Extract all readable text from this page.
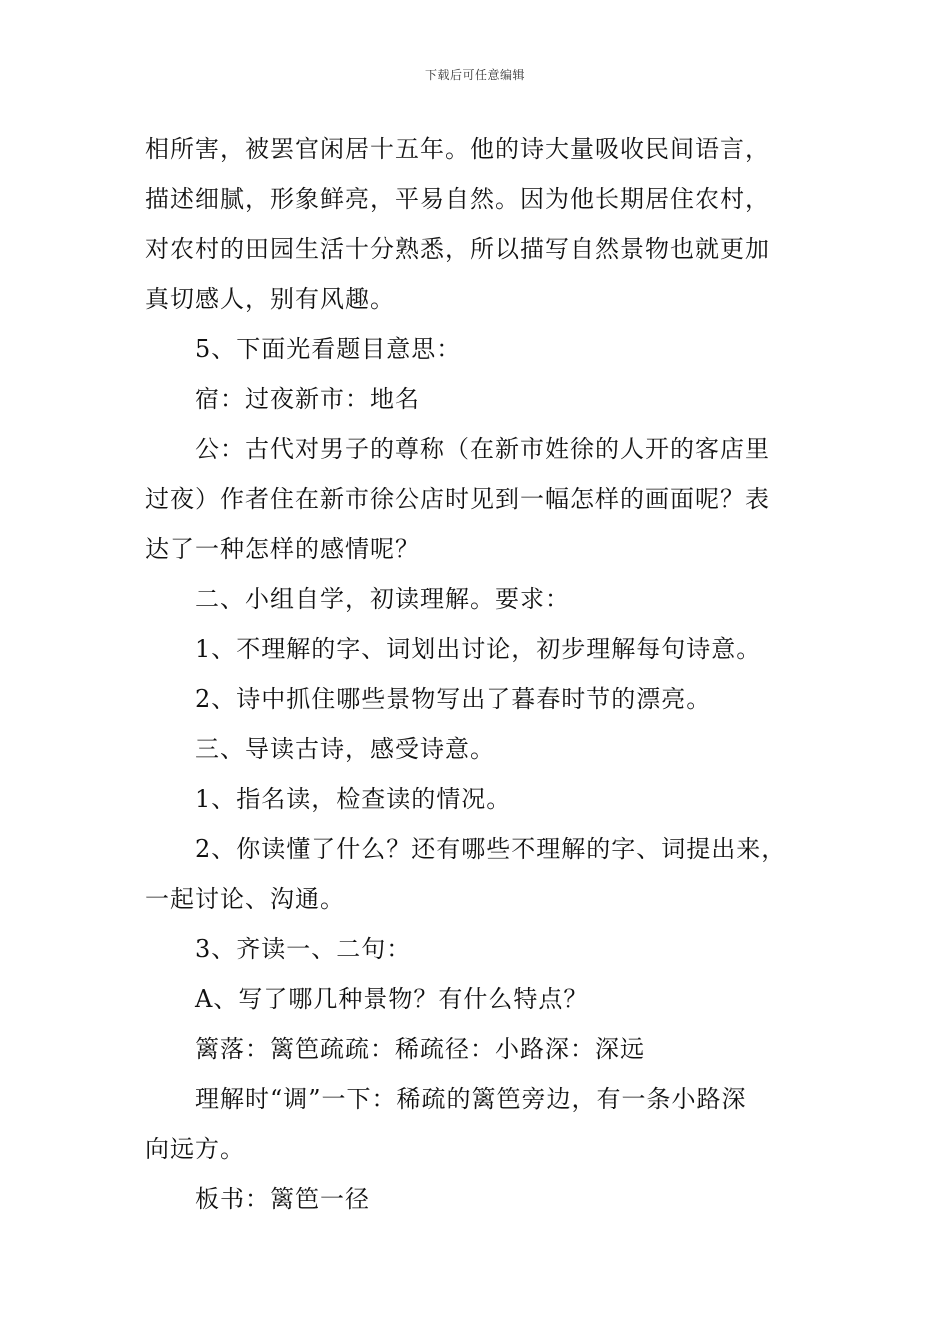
下载后可任意编辑
相所害，被罢官闲居十五年。他的诗大量吸收民间语言，
描述细腻，形象鲜亮，平易自然。因为他长期居住农村，
对农村的田园生活十分熟悉，所以描写自然景物也就更加
真切感人，别有风趣。
5、下面光看题目意思：
宿：过夜新市：地名
公：古代对男子的尊称（在新市姓徐的人开的客店里
过夜）作者住在新市徐公店时见到一幅怎样的画面呢？表
达了一种怎样的感情呢？
二、小组自学，初读理解。要求：
1、不理解的字、词划出讨论，初步理解每句诗意。
2、诗中抓住哪些景物写出了暮春时节的漂亮。
三、导读古诗，感受诗意。
1、指名读，检查读的情况。
2、你读懂了什么？还有哪些不理解的字、词提出来，
一起讨论、沟通。
3、齐读一、二句：
A、写了哪几种景物？有什么特点？
篱落：篱笆疏疏：稀疏径：小路深：深远
理解时“调”一下：稀疏的篱笆旁边，有一条小路深
向远方。
板书：篱笆一径
